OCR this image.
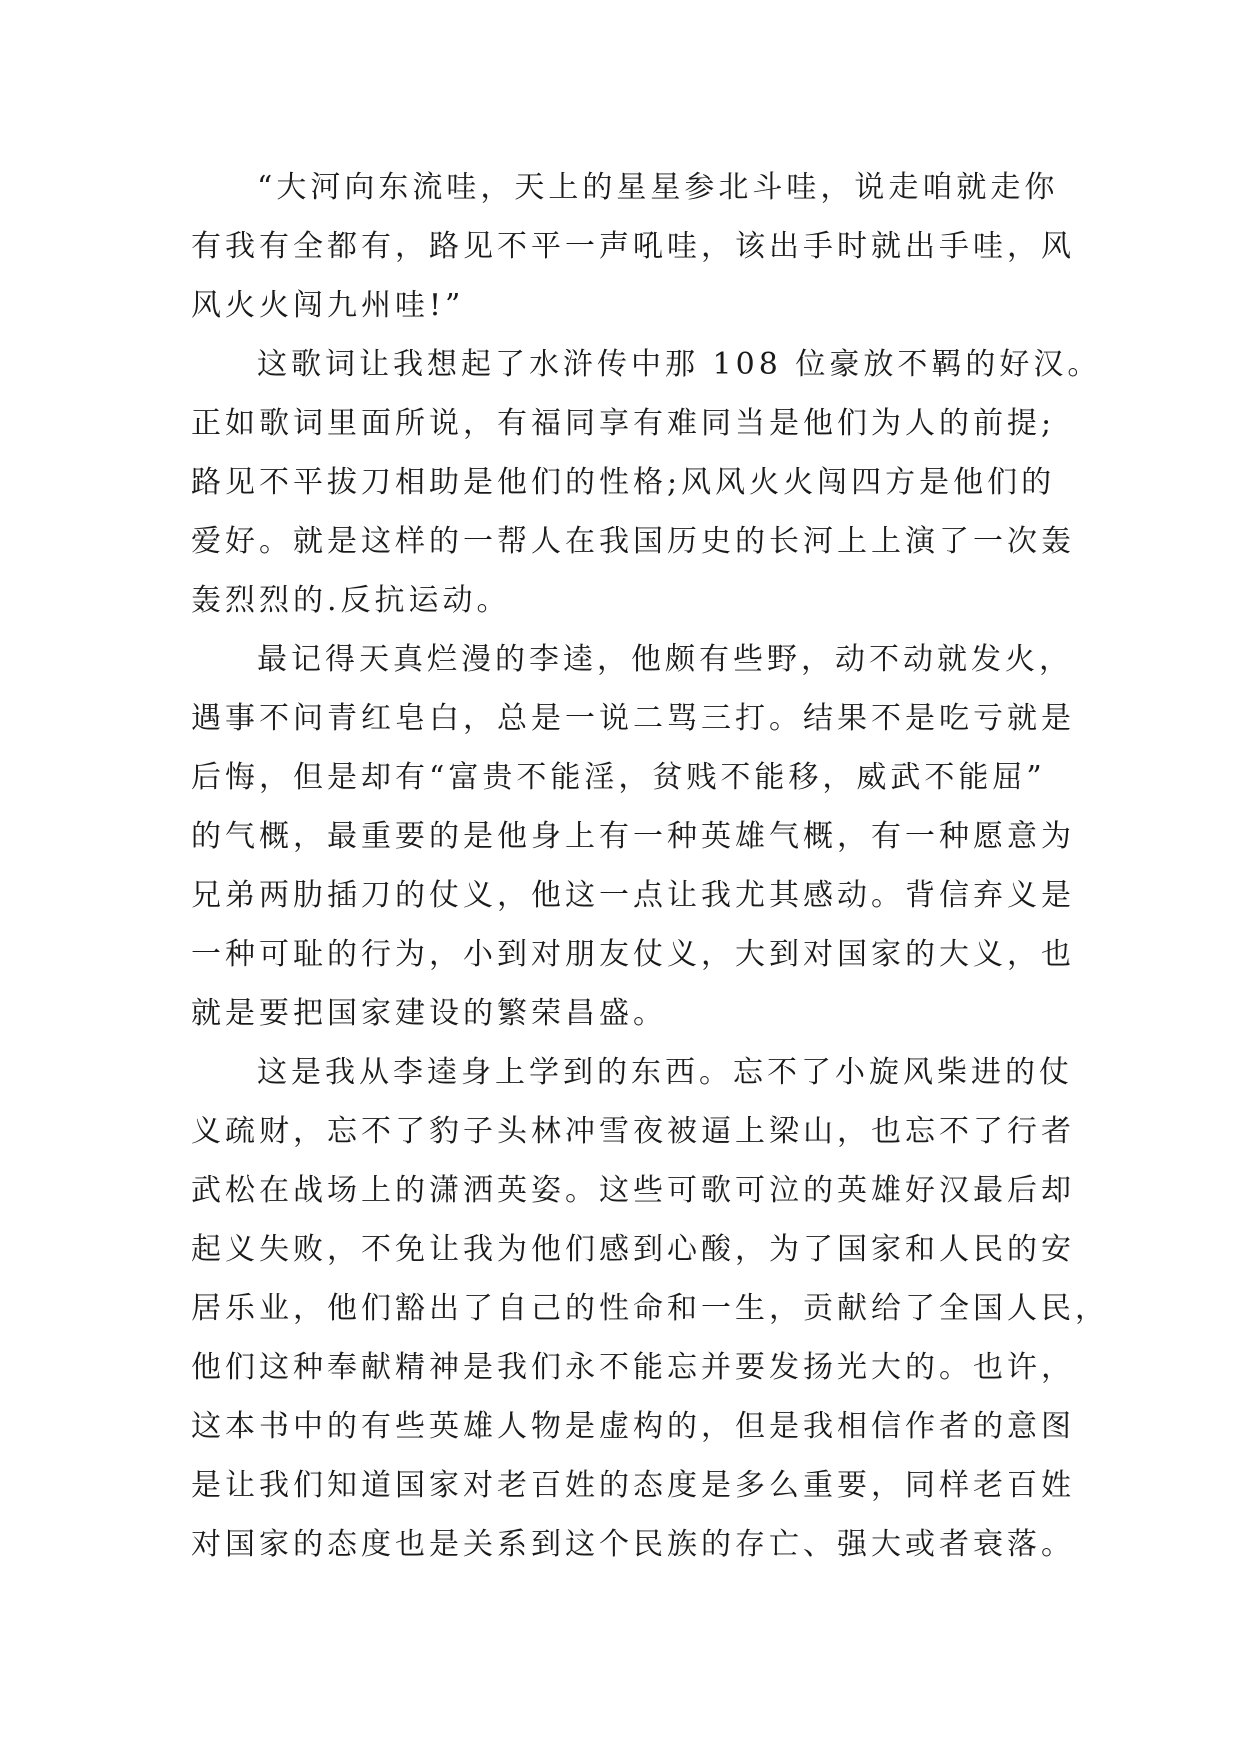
“大河向东流哇，天上的星星参北斗哇，说走咱就走你
有我有全都有，路见不平一声吼哇，该出手时就出手哇，风
风火火闯九州哇!”
这歌词让我想起了水浒传中那 108 位豪放不羁的好汉。
正如歌词里面所说，有福同享有难同当是他们为人的前提;
路见不平拔刀相助是他们的性格;风风火火闯四方是他们的
爱好。就是这样的一帮人在我国历史的长河上上演了一次轰
轰烈烈的.反抗运动。
最记得天真烂漫的李逵，他颇有些野，动不动就发火，
遇事不问青红皂白，总是一说二骂三打。结果不是吃亏就是
后悔，但是却有“富贵不能淫，贫贱不能移，威武不能屈”
的气概，最重要的是他身上有一种英雄气概，有一种愿意为
兄弟两肋插刀的仗义，他这一点让我尤其感动。背信弃义是
一种可耻的行为，小到对朋友仗义，大到对国家的大义，也
就是要把国家建设的繁荣昌盛。
这是我从李逵身上学到的东西。忘不了小旋风柴进的仗
义疏财，忘不了豹子头林冲雪夜被逼上梁山，也忘不了行者
武松在战场上的潇洒英姿。这些可歌可泣的英雄好汉最后却
起义失败，不免让我为他们感到心酸，为了国家和人民的安
居乐业，他们豁出了自己的性命和一生，贡献给了全国人民，
他们这种奉献精神是我们永不能忘并要发扬光大的。也许，
这本书中的有些英雄人物是虚构的，但是我相信作者的意图
是让我们知道国家对老百姓的态度是多么重要，同样老百姓
对国家的态度也是关系到这个民族的存亡、强大或者衰落。
